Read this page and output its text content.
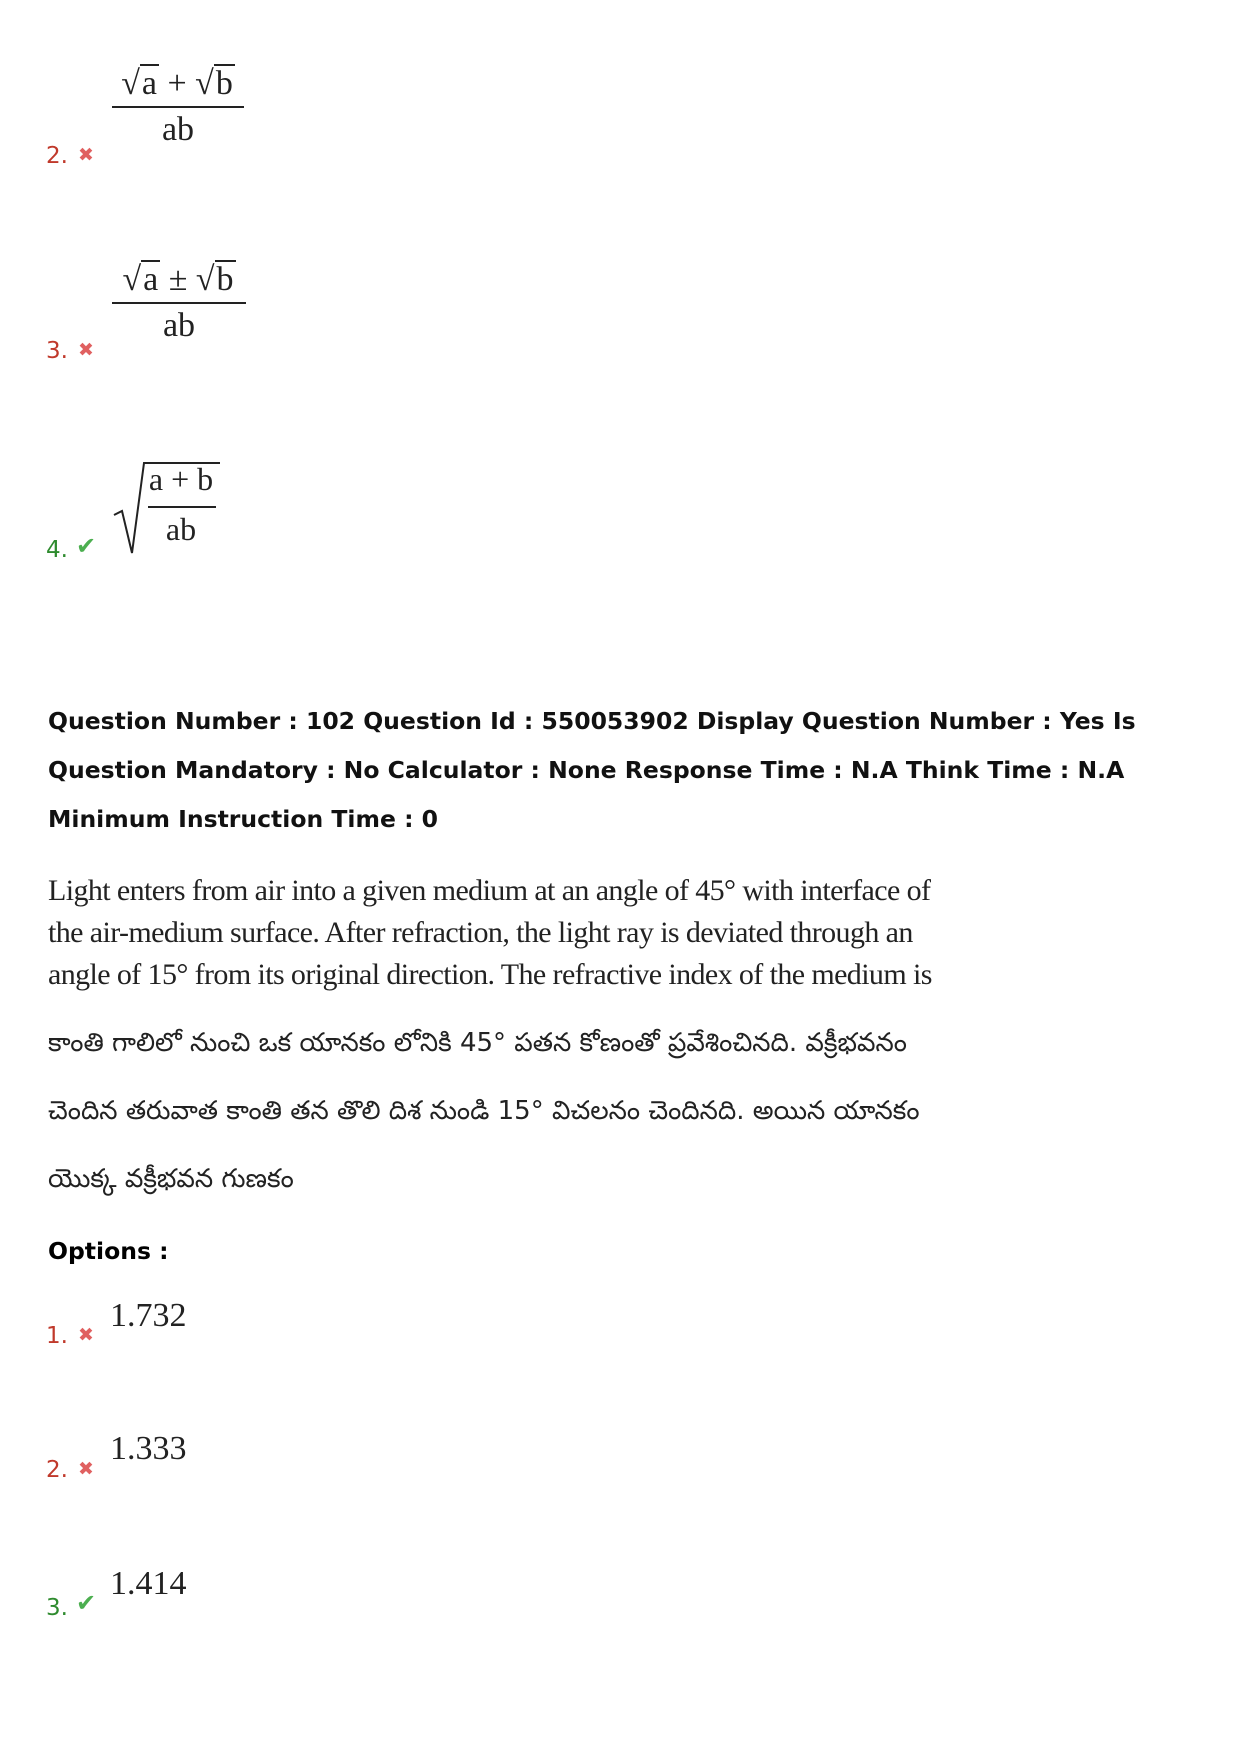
2. ✖
√a + √b
ab
3. ✖
√a ± √b
ab
4. ✔
a + b
ab
Question Number : 102 Question Id : 550053902 Display Question Number : Yes Is Question Mandatory : No Calculator : None Response Time : N.A Think Time : N.A Minimum Instruction Time : 0
Light enters from air into a given medium at an angle of 45° with interface of the air-medium surface. After refraction, the light ray is deviated through an angle of 15° from its original direction. The refractive index of the medium is
కాంతి గాలిలో నుంచి ఒక యానకం లోనికి 45° పతన కోణంతో ప్రవేశించినది. వక్రీభవనం
చెందిన తరువాత కాంతి తన తొలి దిశ నుండి 15° విచలనం చెందినది. అయిన యానకం
యొక్క వక్రీభవన గుణకం
Options :
1. ✖
1.732
2. ✖
1.333
3. ✔
1.414
